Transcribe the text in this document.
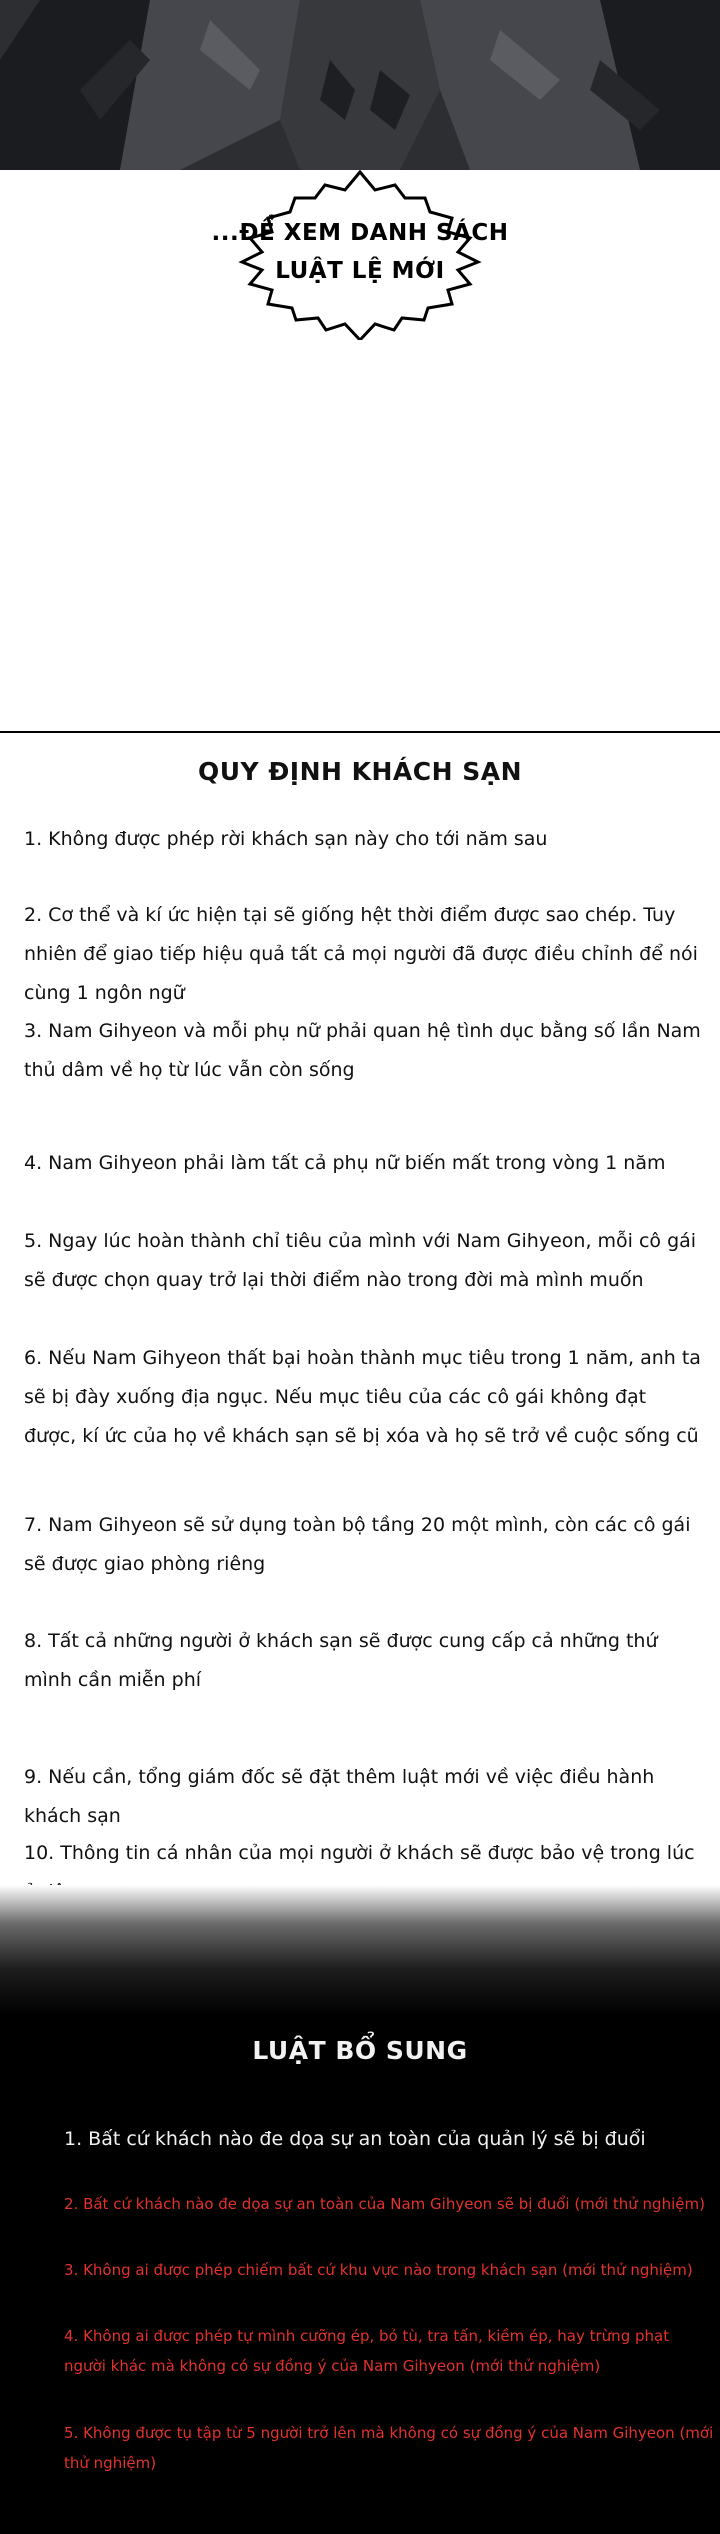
...ĐỂ XEM DANH SÁCH
LUẬT LỆ MỚI
QUY ĐỊNH KHÁCH SẠN
1. Không được phép rời khách sạn này cho tới năm sau
2. Cơ thể và kí ức hiện tại sẽ giống hệt thời điểm được sao chép. Tuy nhiên để giao tiếp hiệu quả tất cả mọi người đã được điều chỉnh để nói cùng 1 ngôn ngữ
3. Nam Gihyeon và mỗi phụ nữ phải quan hệ tình dục bằng số lần Nam thủ dâm về họ từ lúc vẫn còn sống
4. Nam Gihyeon phải làm tất cả phụ nữ biến mất trong vòng 1 năm
5. Ngay lúc hoàn thành chỉ tiêu của mình với Nam Gihyeon, mỗi cô gái sẽ được chọn quay trở lại thời điểm nào trong đời mà mình muốn
6. Nếu Nam Gihyeon thất bại hoàn thành mục tiêu trong 1 năm, anh ta sẽ bị đày xuống địa ngục. Nếu mục tiêu của các cô gái không đạt được, kí ức của họ về khách sạn sẽ bị xóa và họ sẽ trở về cuộc sống cũ
7. Nam Gihyeon sẽ sử dụng toàn bộ tầng 20 một mình, còn các cô gái sẽ được giao phòng riêng
8. Tất cả những người ở khách sạn sẽ được cung cấp cả những thứ mình cần miễn phí
9. Nếu cần, tổng giám đốc sẽ đặt thêm luật mới về việc điều hành khách sạn
10. Thông tin cá nhân của mọi người ở khách sẽ được bảo vệ trong lúc
LUẬT BỔ SUNG
1. Bất cứ khách nào đe dọa sự an toàn của quản lý sẽ bị đuổi
2. Bất cứ khách nào đe dọa sự an toàn của Nam Gihyeon sẽ bị đuổi (mới thử nghiệm)
3. Không ai được phép chiếm bất cứ khu vực nào trong khách sạn (mới thử nghiệm)
4. Không ai được phép tự mình cưỡng ép, bỏ tù, tra tấn, kiềm ép, hay trừng phạt người khác mà không có sự đồng ý của Nam Gihyeon (mới thử nghiệm)
5. Không được tụ tập từ 5 người trở lên mà không có sự đồng ý của Nam Gihyeon (mới thử nghiệm)
